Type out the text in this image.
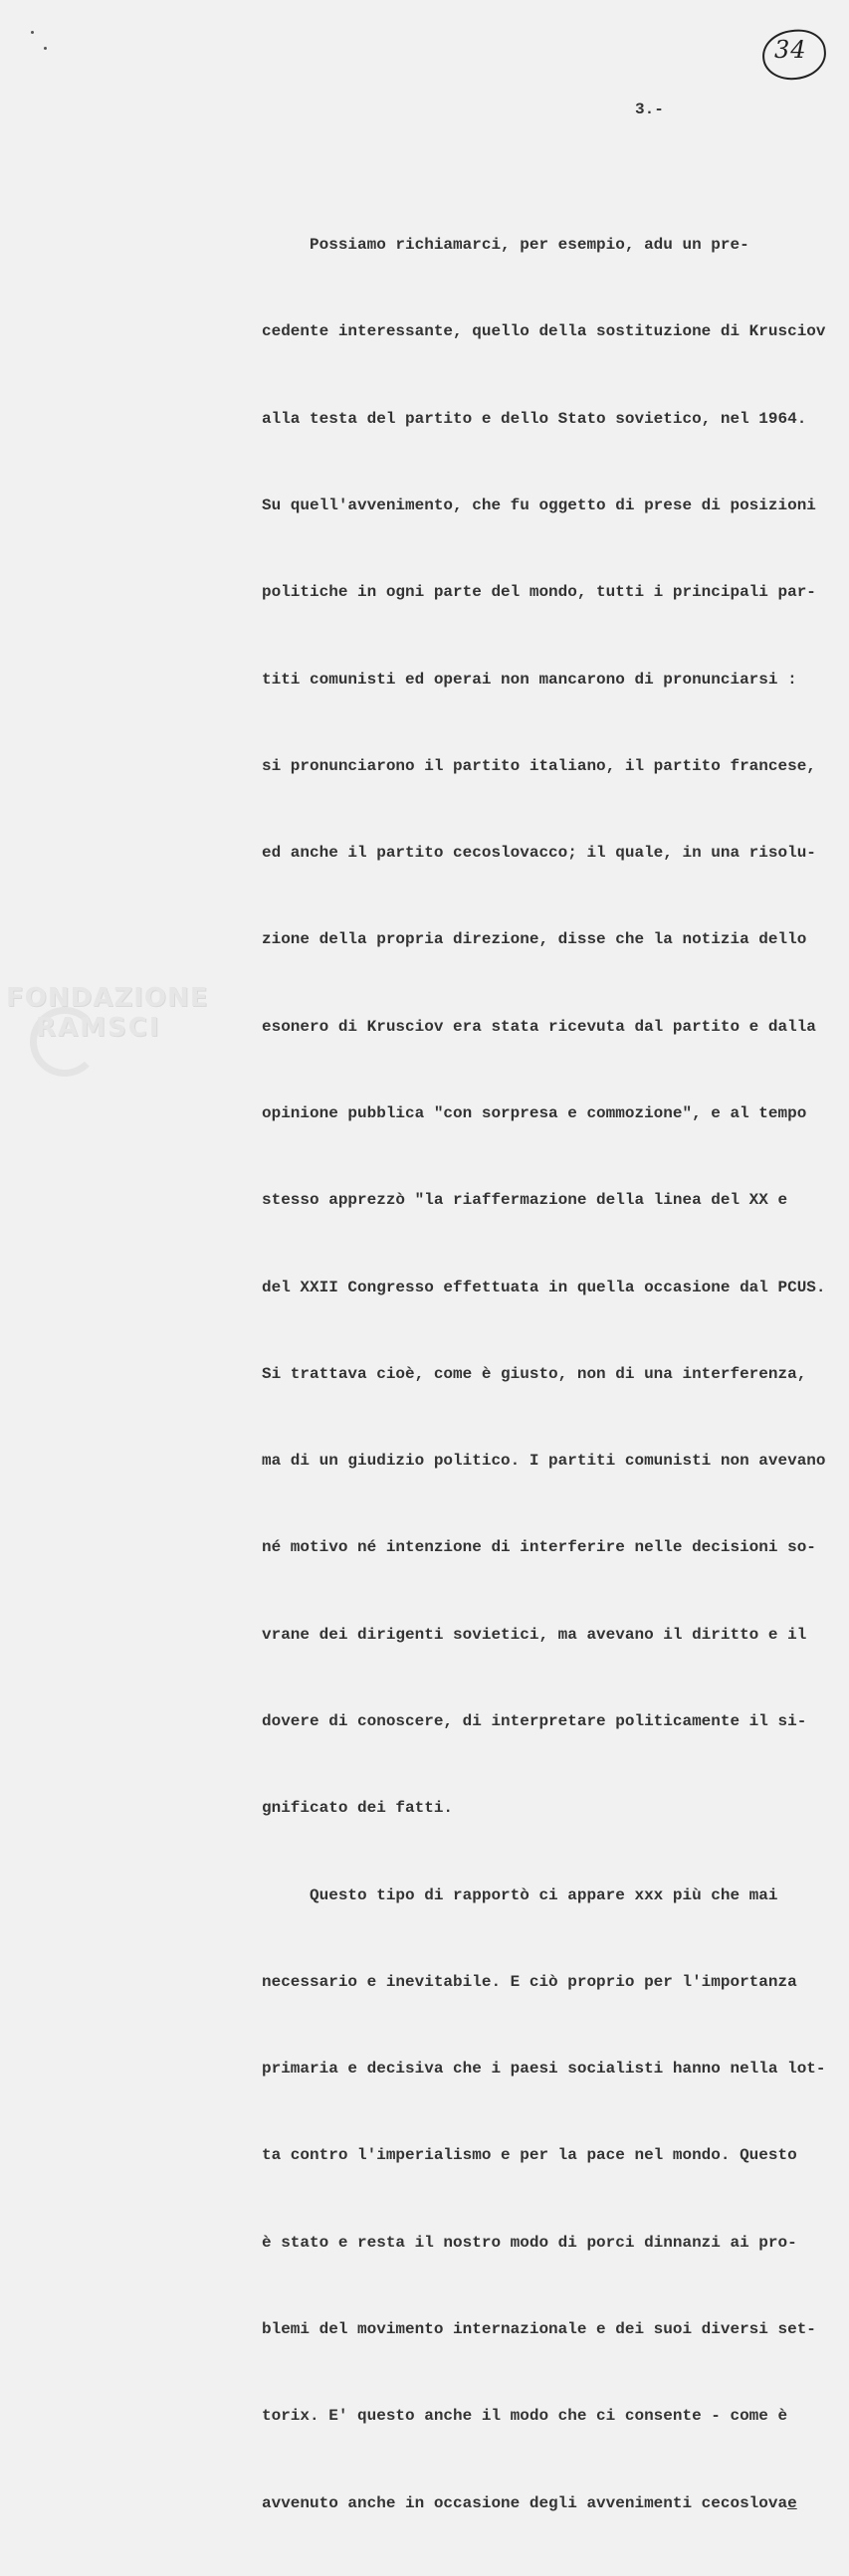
34
3.-

Possiamo richiamarci, per esempio, adu un pre-

cedente interessante, quello della sostituzione di Krusciov

alla testa del partito e dello Stato sovietico, nel 1964.

Su quell'avvenimento, che fu oggetto di prese di posizioni

politiche in ogni parte del mondo, tutti i principali par-

titi comunisti ed operai non mancarono di pronunciarsi :

si pronunciarono il partito italiano, il partito francese,

ed anche il partito cecoslovacco; il quale, in una risolu-

zione della propria direzione, disse che la notizia dello

esonero di Krusciov era stata ricevuta dal partito e dalla

opinione pubblica "con sorpresa e commozione", e al tempo

stesso apprezzò "la riaffermazione della linea del XX e

del XXII Congresso effettuata in quella occasione dal PCUS.

Si trattava cioè, come è giusto, non di una interferenza,

ma di un giudizio politico. I partiti comunisti non avevano

né motivo né intenzione di interferire nelle decisioni so-

vrane dei dirigenti sovietici, ma avevano il diritto e il

dovere di conoscere, di interpretare politicamente il si-

gnificato dei fatti.

Questo tipo di rapportò ci appare xxx più che mai

necessario e inevitabile. E ciò proprio per l'importanza

primaria e decisiva che i paesi socialisti hanno nella lot-

ta contro l'imperialismo e per la pace nel mondo. Questo

è stato e resta il nostro modo di porci dinnanzi ai pro-

blemi del movimento internazionale e dei suoi diversi set-

torix. E' questo anche il modo che ci consente - come è

avvenuto anche in occasione degli avvenimenti cecoslovae

FONDAZIONE
RAMSCI
